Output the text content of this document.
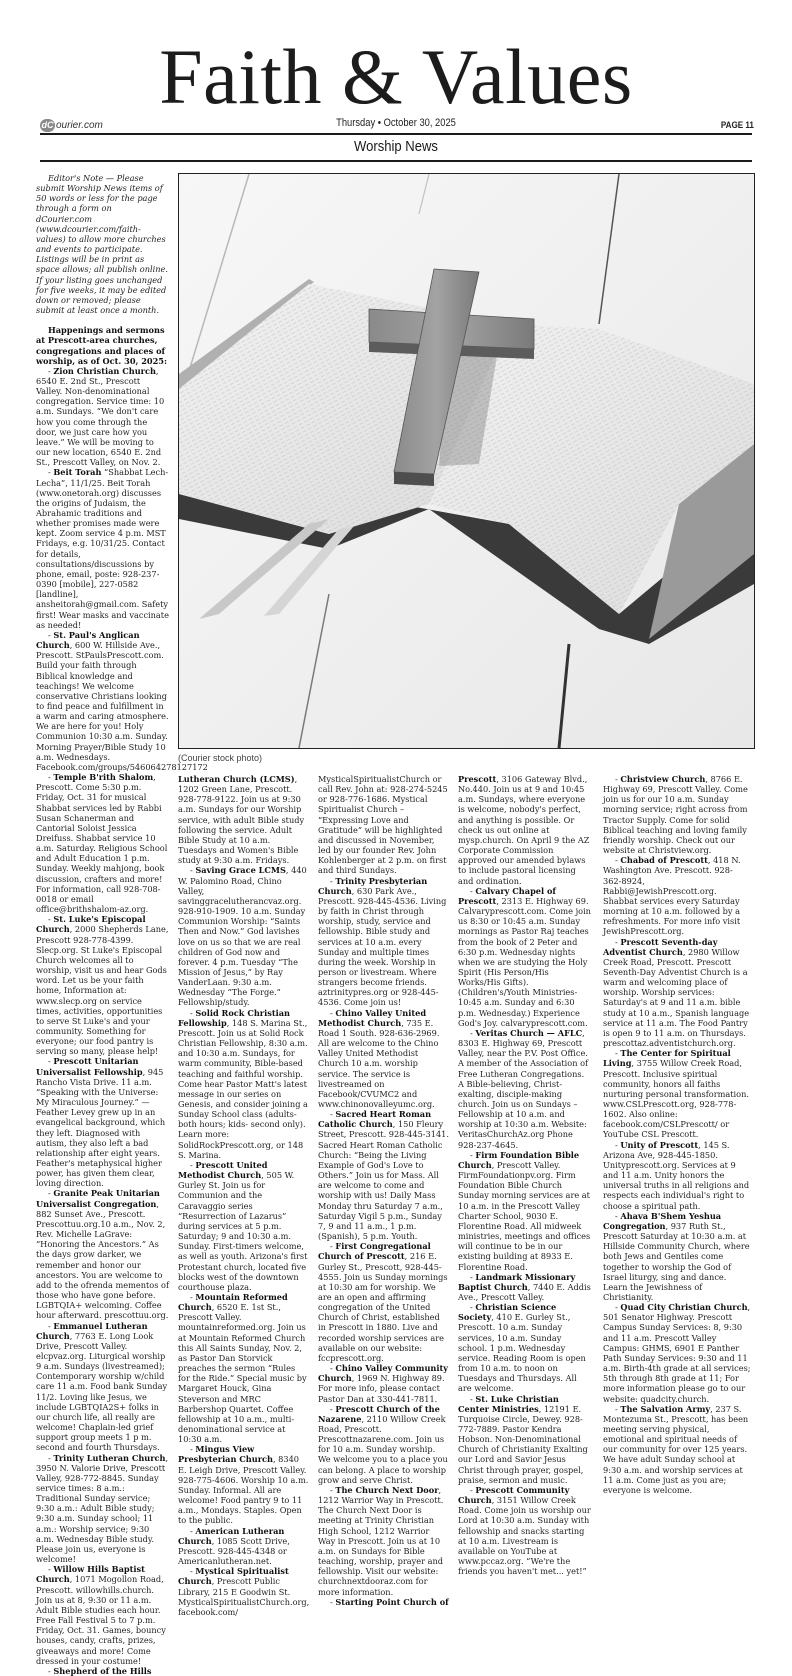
Faith & Values
dC ourier.com	Thursday • October 30, 2025	PAGE 11
Worship News
(Courier stock photo)

Editor's Note — Please submit Worship News items of 50 words or less for the page through a form on dCourier.com (www.dcourier.com/faith-values) to allow more churches and events to participate. Listings will be in print as space allows; all publish online. If your listing goes unchanged for five weeks, it may be edited down or removed; please submit at least once a month.

Happenings and sermons at Prescott-area churches, congregations and places of worship, as of Oct. 30, 2025:

- Zion Christian Church, 6540 E. 2nd St., Prescott Valley. Non-denominational congregation. Service time: 10 a.m. Sundays. “We don't care how you come through the door, we just care how you leave.” We will be moving to our new location, 6540 E. 2nd St., Prescott Valley, on Nov. 2.

- Beit Torah “Shabbat Lech-Lecha”, 11/1/25. Beit Torah (www.onetorah.org) discusses the origins of Judaism, the Abrahamic traditions and whether promises made were kept. Zoom service 4 p.m. MST Fridays, e.g. 10/31/25. Contact for details, consultations/discussions by phone, email, poste: 928-237-0390 [mobile], 227-0582 [landline], ansheitorah@gmail.com. Safety first! Wear masks and vaccinate as needed!

- St. Paul's Anglican Church, 600 W. Hillside Ave., Prescott. StPaulsPrescott.com. Build your faith through Biblical knowledge and teachings! We welcome conservative Christians looking to find peace and fulfillment in a warm and caring atmosphere. We are here for you! Holy Communion 10:30 a.m. Sunday. Morning Prayer/Bible Study 10 a.m. Wednesdays. Facebook.com/groups/546064278127172

- Temple B'rith Shalom, Prescott. Come 5:30 p.m. Friday, Oct. 31 for musical Shabbat services led by Rabbi Susan Schanerman and Cantorial Soloist Jessica Dreifuss. Shabbat service 10 a.m. Saturday. Religious School and Adult Education 1 p.m. Sunday. Weekly mahjong, book discussion, crafters and more! For information, call 928-708-0018 or email office@brithshalom-az.org.

- St. Luke's Episcopal Church, 2000 Shepherds Lane, Prescott 928-778-4399. Slecp.org. St Luke's Episcopal Church welcomes all to worship, visit us and hear Gods word. Let us be your faith home, Information at: www.slecp.org on service times, activities, opportunities to serve St Luke's and your community. Something for everyone; our food pantry is serving so many, please help!

- Prescott Unitarian Universalist Fellowship, 945 Rancho Vista Drive. 11 a.m. “Speaking with the Universe: My Miraculous Journey.” — Feather Levey grew up in an evangelical background, which they left. Diagnosed with autism, they also left a bad relationship after eight years. Feather's metaphysical higher power, has given them clear, loving direction.

- Granite Peak Unitarian Universalist Congregation, 882 Sunset Ave., Prescott. Prescottuu.org.10 a.m., Nov. 2, Rev. Michelle LaGrave: “Honoring the Ancestors.” As the days grow darker, we remember and honor our ancestors. You are welcome to add to the ofrenda mementos of those who have gone before. LGBTQIA+ welcoming. Coffee hour afterward. prescottuu.org.

- Emmanuel Lutheran Church, 7763 E. Long Look Drive, Prescott Valley. elcpvaz.org. Liturgical worship 9 a.m. Sundays (livestreamed); Contemporary worship w/child care 11 a.m. Food bank Sunday 11/2. Loving like Jesus, we include LGBTQIA2S+ folks in our church life, all really are welcome! Chaplain-led grief support group meets 1 p m. second and fourth Thursdays.

- Trinity Lutheran Church, 3950 N. Valorie Drive, Prescott Valley, 928-772-8845. Sunday service times: 8 a.m.: Traditional Sunday service; 9:30 a.m.: Adult Bible study; 9:30 a.m. Sunday school; 11 a.m.: Worship service; 9:30 a.m. Wednesday Bible study. Please join us, everyone is welcome!

- Willow Hills Baptist Church, 1071 Mogollon Road, Prescott. willowhills.church. Join us at 8, 9:30 or 11 a.m. Adult Bible studies each hour. Free Fall Festival 5 to 7 p.m. Friday, Oct. 31. Games, bouncy houses, candy, crafts, prizes, giveaways and more! Come dressed in your costume!

- Shepherd of the Hills

Lutheran Church (LCMS), 1202 Green Lane, Prescott. 928-778-9122. Join us at 9:30 a.m. Sundays for our Worship service, with adult Bible study following the service. Adult Bible Study at 10 a.m. Tuesdays and Women's Bible study at 9:30 a.m. Fridays.

- Saving Grace LCMS, 440 W. Palomino Road, Chino Valley, savinggracelutherancvaz.org. 928-910-1909. 10 a.m. Sunday Communion Worship: “Saints Then and Now.” God lavishes love on us so that we are real children of God now and forever. 4 p.m. Tuesday “The Mission of Jesus,” by Ray VanderLaan. 9:30 a.m. Wednesday “The Forge.” Fellowship/study.

- Solid Rock Christian Fellowship, 148 S. Marina St., Prescott. Join us at Solid Rock Christian Fellowship, 8:30 a.m. and 10:30 a.m. Sundays, for warm community, Bible-based teaching and faithful worship. Come hear Pastor Matt's latest message in our series on Genesis, and consider joining a Sunday School class (adults- both hours; kids- second only). Learn more: SolidRockPrescott.org, or 148 S. Marina.

- Prescott United Methodist Church, 505 W. Gurley St. Join us for Communion and the Caravaggio series “Resurrection of Lazarus” during services at 5 p.m. Saturday; 9 and 10:30 a.m. Sunday. First-timers welcome, as well as youth. Arizona's first Protestant church, located five blocks west of the downtown courthouse plaza.

- Mountain Reformed Church, 6520 E. 1st St., Prescott Valley. mountainreformed.org. Join us at Mountain Reformed Church this All Saints Sunday, Nov. 2, as Pastor Dan Storvick preaches the sermon “Rules for the Ride.” Special music by Margaret Houck, Gina Steverson and MRC Barbershop Quartet. Coffee fellowship at 10 a.m., multi-denominational service at 10:30 a.m.

- Mingus View Presbyterian Church, 8340 E. Leigh Drive, Prescott Valley. 928-775-4606. Worship 10 a.m. Sunday. Informal. All are welcome! Food pantry 9 to 11 a.m., Mondays. Staples. Open to the public.

- American Lutheran Church, 1085 Scott Drive, Prescott. 928-445-4348 or Americanlutheran.net.

- Mystical Spiritualist Church, Prescott Public Library, 215 E Goodwin St. MysticalSpiritualistChurch.org, facebook.com/

MysticalSpiritualistChurch or call Rev. John at: 928-274-5245 or 928-776-1686. Mystical Spiritualist Church – “Expressing Love and Gratitude” will be highlighted and discussed in November, led by our founder Rev. John Kohlenberger at 2 p.m. on first and third Sundays.

- Trinity Presbyterian Church, 630 Park Ave., Prescott. 928-445-4536. Living by faith in Christ through worship, study, service and fellowship. Bible study and services at 10 a.m. every Sunday and multiple times during the week. Worship in person or livestream. Where strangers become friends. aztrinitypres.org or 928-445-4536. Come join us!

- Chino Valley United Methodist Church, 735 E. Road 1 South. 928-636-2969. All are welcome to the Chino Valley United Methodist Church 10 a.m. worship service. The service is livestreamed on Facebook/CVUMC2 and www.chinonovalleyumc.org.

- Sacred Heart Roman Catholic Church, 150 Fleury Street, Prescott. 928-445-3141. Sacred Heart Roman Catholic Church: “Being the Living Example of God's Love to Others.” Join us for Mass. All are welcome to come and worship with us! Daily Mass Monday thru Saturday 7 a.m., Saturday Vigil 5 p.m., Sunday 7, 9 and 11 a.m., 1 p.m. (Spanish), 5 p.m. Youth.

- First Congregational Church of Prescott, 216 E. Gurley St., Prescott, 928-445-4555. Join us Sunday mornings at 10:30 am for worship. We are an open and affirming congregation of the United Church of Christ, established in Prescott in 1880. Live and recorded worship services are available on our website: fccprescott.org.

- Chino Valley Community Church, 1969 N. Highway 89. For more info, please contact Pastor Dan at 330-441-7811.

- Prescott Church of the Nazarene, 2110 Willow Creek Road, Prescott. Prescottnazarene.com. Join us for 10 a.m. Sunday worship. We welcome you to a place you can belong. A place to worship grow and serve Christ.

- The Church Next Door, 1212 Warrior Way in Prescott. The Church Next Door is meeting at Trinity Christian High School, 1212 Warrior Way in Prescott. Join us at 10 a.m. on Sundays for Bible teaching, worship, prayer and fellowship. Visit our website: churchnextdooraz.com for more information.

- Starting Point Church of

Prescott, 3106 Gateway Blvd., No.440. Join us at 9 and 10:45 a.m. Sundays, where everyone is welcome, nobody's perfect, and anything is possible. Or check us out online at mysp.church. On April 9 the AZ Corporate Commission approved our amended bylaws to include pastoral licensing and ordination.

- Calvary Chapel of Prescott, 2313 E. Highway 69. Calvaryprescott.com. Come join us 8:30 or 10:45 a.m. Sunday mornings as Pastor Raj teaches from the book of 2 Peter and 6:30 p.m. Wednesday nights when we are studying the Holy Spirit (His Person/His Works/His Gifts). (Children's/Youth Ministries-10:45 a.m. Sunday and 6:30 p.m. Wednesday.) Experience God's Joy. calvaryprescott.com.

- Veritas Church — AFLC, 8303 E. Highway 69, Prescott Valley, near the P.V. Post Office. A member of the Association of Free Lutheran Congregations. A Bible-believing, Christ-exalting, disciple-making church. Join us on Sundays – Fellowship at 10 a.m. and worship at 10:30 a.m. Website: VeritasChurchAz.org Phone 928-237-4645.

- Firm Foundation Bible Church, Prescott Valley. FirmFoundationpv.org. Firm Foundation Bible Church Sunday morning services are at 10 a.m. in the Prescott Valley Charter School, 9030 E. Florentine Road. All midweek ministries, meetings and offices will continue to be in our existing building at 8933 E. Florentine Road.

- Landmark Missionary Baptist Church, 7440 E. Addis Ave., Prescott Valley.

- Christian Science Society, 410 E. Gurley St., Prescott. 10 a.m. Sunday services, 10 a.m. Sunday school. 1 p.m. Wednesday service. Reading Room is open from 10 a.m. to noon on Tuesdays and Thursdays. All are welcome.

- St. Luke Christian Center Ministries, 12191 E. Turquoise Circle, Dewey. 928-772-7889. Pastor Kendra Hobson. Non-Denominational Church of Christianity Exalting our Lord and Savior Jesus Christ through prayer, gospel, praise, sermon and music.

- Prescott Community Church, 3151 Willow Creek Road. Come join us worship our Lord at 10:30 a.m. Sunday with fellowship and snacks starting at 10 a.m. Livestream is available on YouTube at www.pccaz.org. “We're the friends you haven't met... yet!”

- Christview Church, 8766 E. Highway 69, Prescott Valley. Come join us for our 10 a.m. Sunday morning service; right across from Tractor Supply. Come for solid Biblical teaching and loving family friendly worship. Check out our website at Christview.org.

- Chabad of Prescott, 418 N. Washington Ave. Prescott. 928-362-8924, Rabbi@JewishPrescott.org. Shabbat services every Saturday morning at 10 a.m. followed by a refreshments. For more info visit JewishPrescott.org.

- Prescott Seventh-day Adventist Church, 2980 Willow Creek Road, Prescott. Prescott Seventh-Day Adventist Church is a warm and welcoming place of worship. Worship services: Saturday's at 9 and 11 a.m. bible study at 10 a.m., Spanish language service at 11 a.m. The Food Pantry is open 9 to 11 a.m. on Thursdays. prescottaz.adventistchurch.org.

- The Center for Spiritual Living, 3755 Willow Creek Road, Prescott. Inclusive spiritual community, honors all faiths nurturing personal transformation. www.CSLPrescott.org, 928-778-1602. Also online: facebook.com/CSLPrescott/ or YouTube CSL Prescott.

- Unity of Prescott, 145 S. Arizona Ave, 928-445-1850. Unityprescott.org. Services at 9 and 11 a.m. Unity honors the universal truths in all religions and respects each individual's right to choose a spiritual path.

- Ahava B'Shem Yeshua Congregation, 937 Ruth St., Prescott Saturday at 10:30 a.m. at Hillside Community Church, where both Jews and Gentiles come together to worship the God of Israel liturgy, sing and dance. Learn the Jewishness of Christianity.

- Quad City Christian Church, 501 Senator Highway. Prescott Campus Sunday Services: 8, 9:30 and 11 a.m. Prescott Valley Campus: GHMS, 6901 E Panther Path Sunday Services: 9:30 and 11 a.m. Birth-4th grade at all services; 5th through 8th grade at 11; For more information please go to our website: quadcity.church.

- The Salvation Army, 237 S. Montezuma St., Prescott, has been meeting serving physical, emotional and spiritual needs of our community for over 125 years. We have adult Sunday school at 9:30 a.m. and worship services at 11 a.m. Come just as you are; everyone is welcome.
